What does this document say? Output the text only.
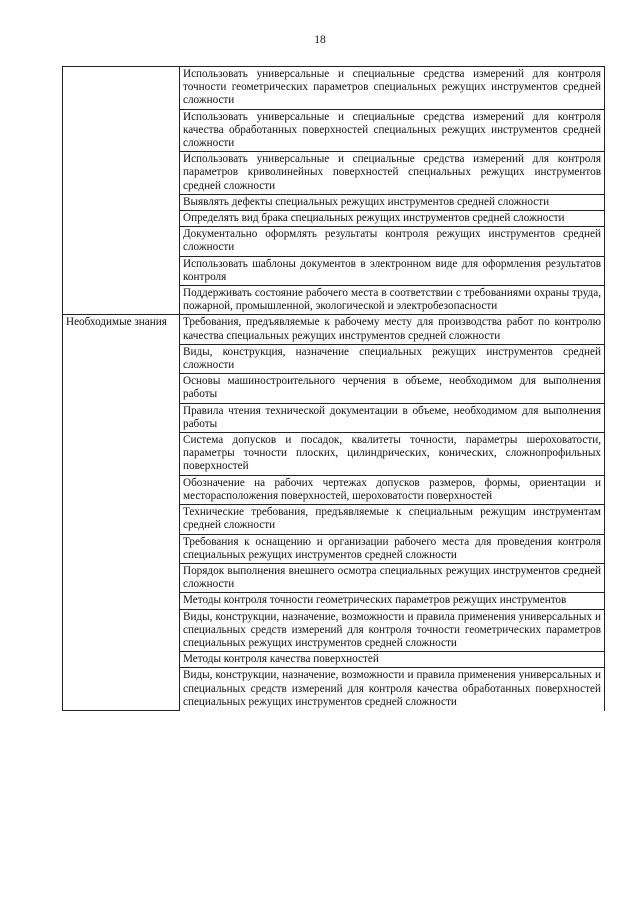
18
	Использовать универсальные и специальные средства измерений для контроля точности геометрических параметров специальных режущих инструментов средней сложности
	Использовать универсальные и специальные средства измерений для контроля качества обработанных поверхностей специальных режущих инструментов средней сложности
	Использовать универсальные и специальные средства измерений для контроля параметров криволинейных поверхностей специальных режущих инструментов средней сложности
	Выявлять дефекты специальных режущих инструментов средней сложности
	Определять вид брака специальных режущих инструментов средней сложности
	Документально оформлять результаты контроля режущих инструментов средней сложности
	Использовать шаблоны документов в электронном виде для оформления результатов контроля
	Поддерживать состояние рабочего места в соответствии с требованиями охраны труда, пожарной, промышленной, экологической и электробезопасности
Необходимые знания	Требования, предъявляемые к рабочему месту для производства работ по контролю качества специальных режущих инструментов средней сложности
	Виды, конструкция, назначение специальных режущих инструментов средней сложности
	Основы машиностроительного черчения в объеме, необходимом для выполнения работы
	Правила чтения технической документации в объеме, необходимом для выполнения работы
	Система допусков и посадок, квалитеты точности, параметры шероховатости, параметры точности плоских, цилиндрических, конических, сложнопрофильных поверхностей
	Обозначение на рабочих чертежах допусков размеров, формы, ориентации и месторасположения поверхностей, шероховатости поверхностей
	Технические требования, предъявляемые к специальным режущим инструментам средней сложности
	Требования к оснащению и организации рабочего места для проведения контроля специальных режущих инструментов средней сложности
	Порядок выполнения внешнего осмотра специальных режущих инструментов средней сложности
	Методы контроля точности геометрических параметров режущих инструментов
	Виды, конструкции, назначение, возможности и правила применения универсальных и специальных средств измерений для контроля точности геометрических параметров специальных режущих инструментов средней сложности
	Методы контроля качества поверхностей
	Виды, конструкции, назначение, возможности и правила применения универсальных и специальных средств измерений для контроля качества обработанных поверхностей специальных режущих инструментов средней сложности
